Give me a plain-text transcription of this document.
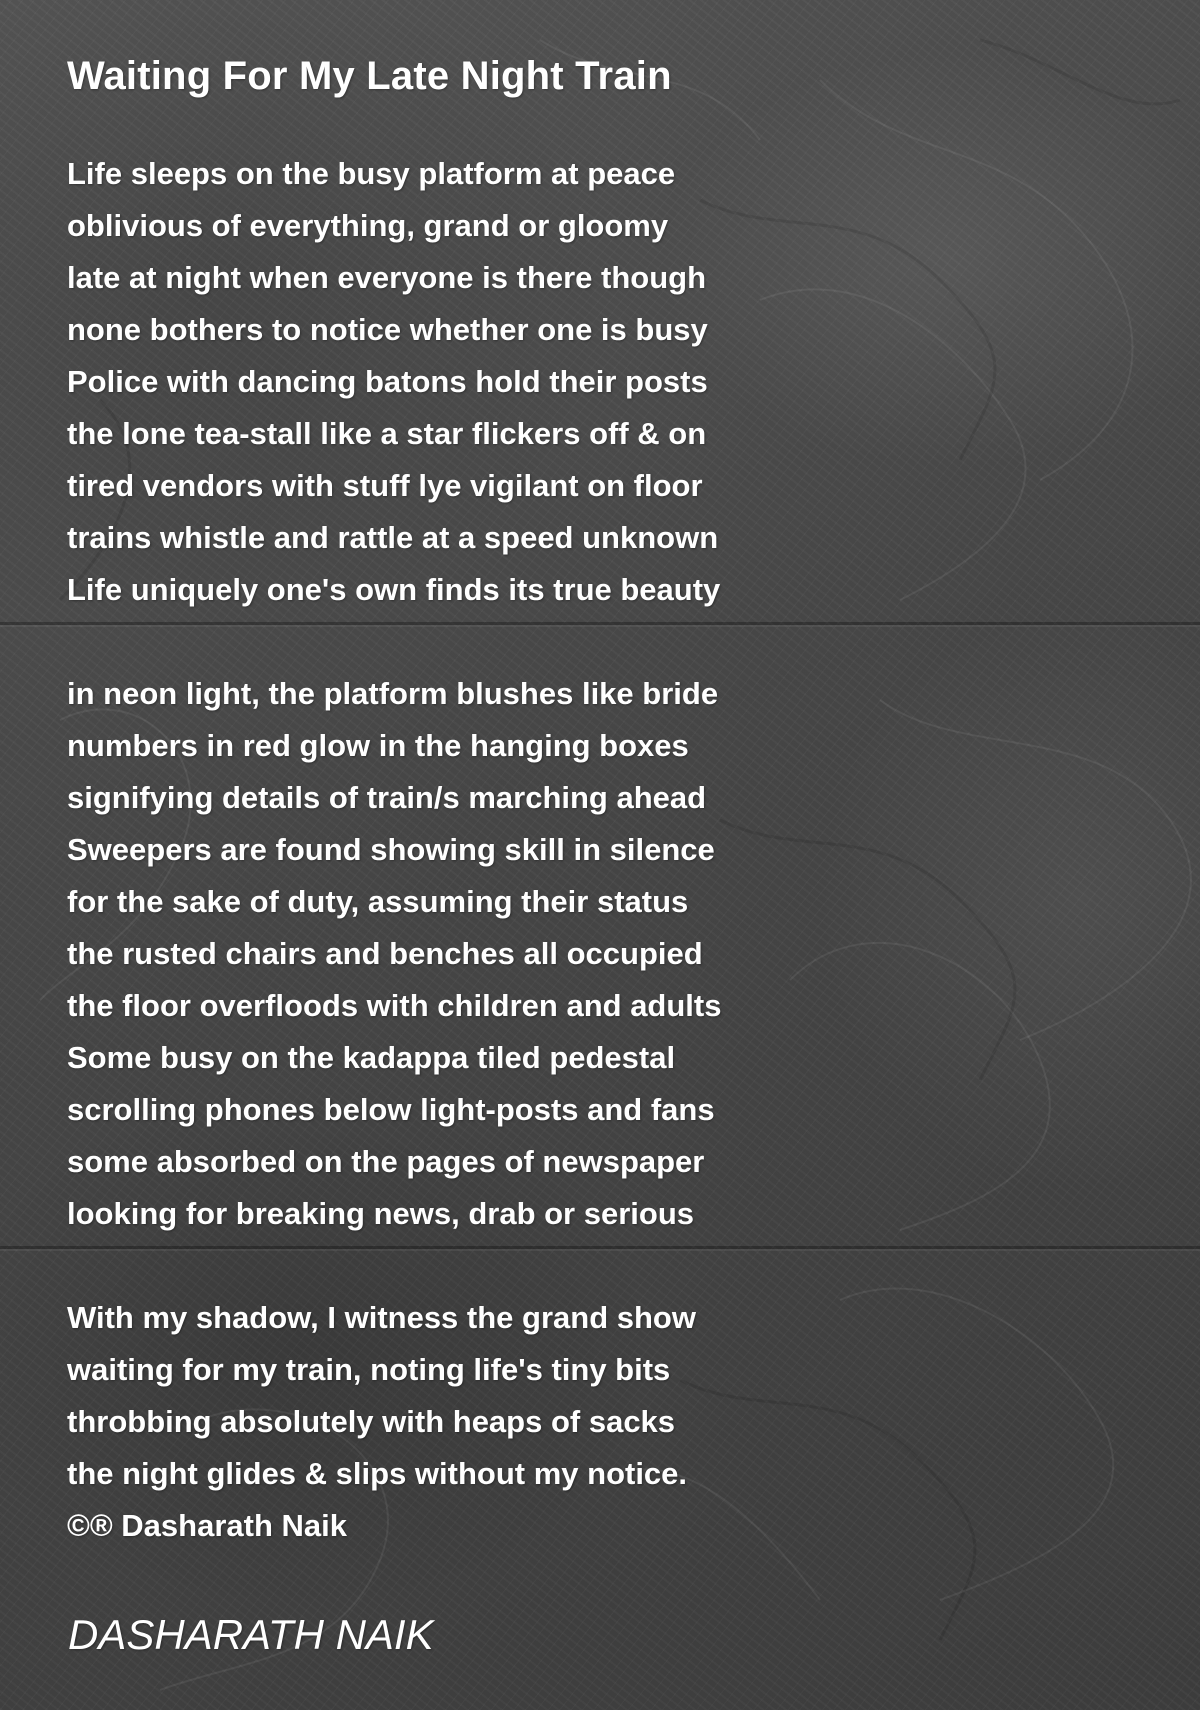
Waiting For My Late Night Train
Life sleeps on the busy platform at peace
oblivious of everything, grand or gloomy
late at night when everyone is there though
none bothers to notice whether one is busy
Police with dancing batons hold their posts
the lone tea-stall like a star flickers off & on
tired vendors with stuff lye vigilant on floor
trains whistle and rattle at a speed unknown
Life uniquely one's own finds its true beauty
in neon light, the platform blushes like bride
numbers in red glow in the hanging boxes
signifying details of train/s marching ahead
Sweepers are found showing skill in silence
for the sake of duty, assuming their status
the rusted chairs and benches all occupied
the floor overfloods with children and adults
Some busy on the kadappa tiled pedestal
scrolling phones below light-posts and fans
some absorbed on the pages of newspaper
looking for breaking news, drab or serious
With my shadow, I witness the grand show
waiting for my train, noting life's tiny bits
throbbing absolutely with heaps of sacks
the night glides & slips without my notice.
©® Dasharath Naik
DASHARATH NAIK
